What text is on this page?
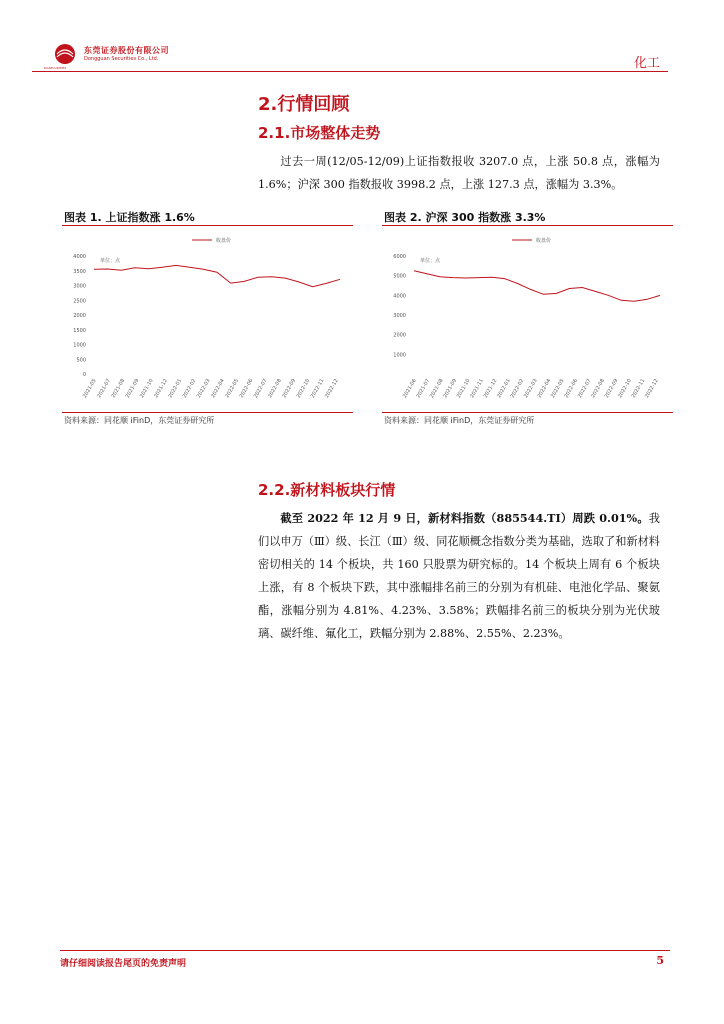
东莞证券股份有限公司
Dongguan Securities Co., Ltd.
DGSECURITIES	化工
2.行情回顾
2.1.市场整体走势

过去一周(12/05-12/09)上证指数报收 3207.0 点，上涨 50.8 点，涨幅为 1.6%；沪深 300 指数报收 3998.2 点，上涨 127.3 点，涨幅为 3.3%。

图表 1. 上证指数涨 1.6%	图表 2. 沪深 300 指数涨 3.3%
收盘价
单位：点
4000
3500
3000
2500
2000
1500
1000
500
0
2021-05
2021-07
2021-08
2021-09
2021-10
2021-12
2022-01
2022-02
2022-03
2022-04
2022-05
2022-06
2022-07
2022-08
2022-09
2022-10
2022-11
2022-12
收盘价
单位：点
6000
5000
4000
3000
2000
1000
2021-06
2021-07
2021-08
2021-09
2021-10
2021-11
2021-12
2022-01
2022-02
2022-03
2022-04
2022-05
2022-06
2022-07
2022-08
2022-09
2022-10
2022-11
2022-12
资料来源：同花顺 iFinD，东莞证券研究所	资料来源：同花顺 iFinD，东莞证券研究所
2.2.新材料板块行情

截至 2022 年 12 月 9 日，新材料指数（885544.TI）周跌 0.01%。我们以申万（Ⅲ）级、长江（Ⅲ）级、同花顺概念指数分类为基础，选取了和新材料密切相关的 14 个板块，共 160 只股票为研究标的。14 个板块上周有 6 个板块上涨，有 8 个板块下跌，其中涨幅排名前三的分别为有机硅、电池化学品、聚氨酯，涨幅分别为 4.81%、4.23%、3.58%；跌幅排名前三的板块分别为光伏玻璃、碳纤维、氟化工，跌幅分别为 2.88%、2.55%、2.23%。

请仔细阅读报告尾页的免责声明	5
